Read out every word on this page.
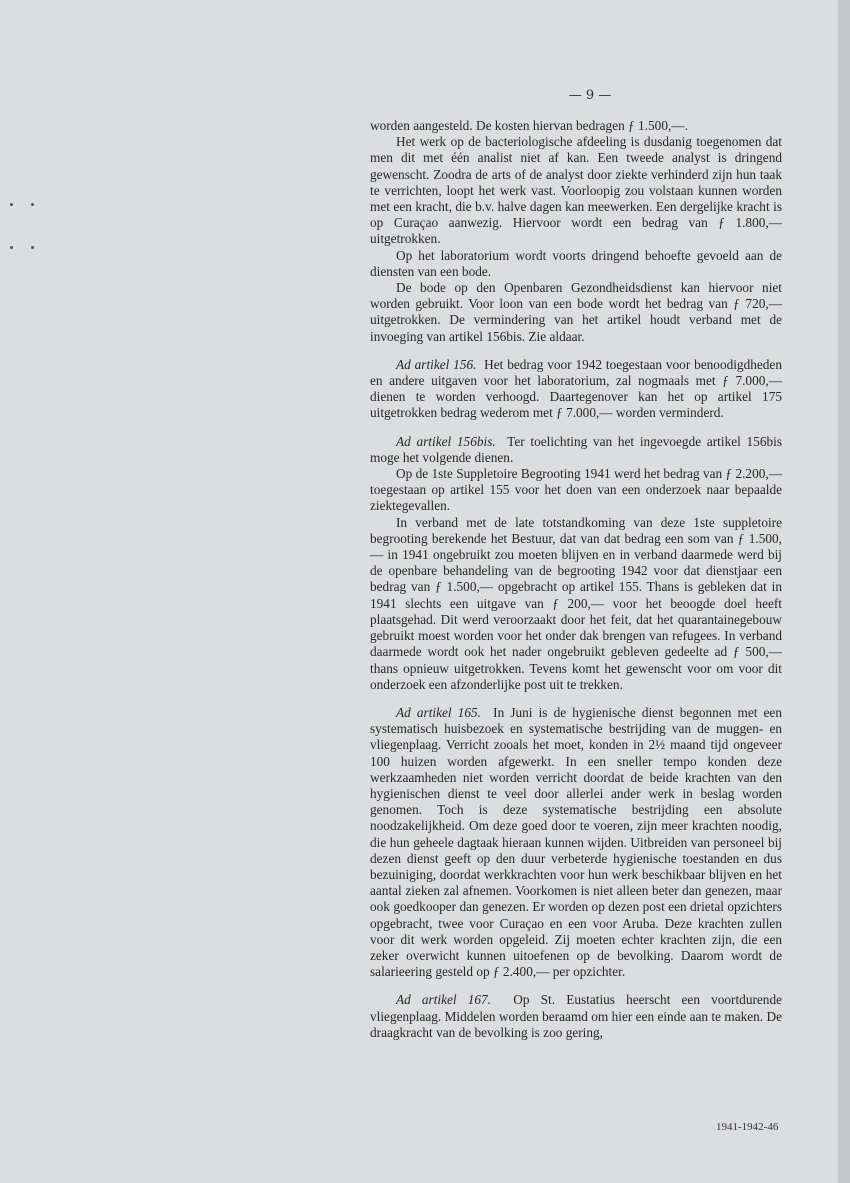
— 9 —

worden aangesteld. De kosten hiervan bedragen ƒ 1.500,—.

Het werk op de bacteriologische afdeeling is dusdanig toegenomen dat men dit met één analist niet af kan. Een tweede analyst is dringend gewenscht. Zoodra de arts of de analyst door ziekte verhinderd zijn hun taak te verrichten, loopt het werk vast. Voorloopig zou volstaan kunnen worden met een kracht, die b.v. halve dagen kan meewerken. Een dergelijke kracht is op Curaçao aanwezig. Hiervoor wordt een bedrag van ƒ 1.800,— uitgetrokken.

Op het laboratorium wordt voorts dringend behoefte gevoeld aan de diensten van een bode.

De bode op den Openbaren Gezondheidsdienst kan hiervoor niet worden gebruikt. Voor loon van een bode wordt het bedrag van ƒ 720,— uitgetrokken. De vermindering van het artikel houdt verband met de invoeging van artikel 156bis. Zie aldaar.

Ad artikel 156. Het bedrag voor 1942 toegestaan voor benoodigdheden en andere uitgaven voor het laboratorium, zal nogmaals met ƒ 7.000,— dienen te worden verhoogd. Daartegenover kan het op artikel 175 uitgetrokken bedrag wederom met ƒ 7.000,— worden verminderd.

Ad artikel 156bis. Ter toelichting van het ingevoegde artikel 156bis moge het volgende dienen.

Op de 1ste Suppletoire Begrooting 1941 werd het bedrag van ƒ 2.200,— toegestaan op artikel 155 voor het doen van een onderzoek naar bepaalde ziektegevallen.

In verband met de late totstandkoming van deze 1ste suppletoire begrooting berekende het Bestuur, dat van dat bedrag een som van ƒ 1.500,— in 1941 ongebruikt zou moeten blijven en in verband daarmede werd bij de openbare behandeling van de begrooting 1942 voor dat dienstjaar een bedrag van ƒ 1.500,— opgebracht op artikel 155. Thans is gebleken dat in 1941 slechts een uitgave van ƒ 200,— voor het beoogde doel heeft plaatsgehad. Dit werd veroorzaakt door het feit, dat het quarantainegebouw gebruikt moest worden voor het onder dak brengen van refugees. In verband daarmede wordt ook het nader ongebruikt gebleven gedeelte ad ƒ 500,— thans opnieuw uitgetrokken. Tevens komt het gewenscht voor om voor dit onderzoek een afzonderlijke post uit te trekken.

Ad artikel 165. In Juni is de hygienische dienst begonnen met een systematisch huisbezoek en systematische bestrijding van de muggen- en vliegenplaag. Verricht zooals het moet, konden in 2½ maand tijd ongeveer 100 huizen worden afgewerkt. In een sneller tempo konden deze werkzaamheden niet worden verricht doordat de beide krachten van den hygienischen dienst te veel door allerlei ander werk in beslag worden genomen. Toch is deze systematische bestrijding een absolute noodzakelijkheid. Om deze goed door te voeren, zijn meer krachten noodig, die hun geheele dagtaak hieraan kunnen wijden. Uitbreiden van personeel bij dezen dienst geeft op den duur verbeterde hygienische toestanden en dus bezuiniging, doordat werkkrachten voor hun werk beschikbaar blijven en het aantal zieken zal afnemen. Voorkomen is niet alleen beter dan genezen, maar ook goedkooper dan genezen. Er worden op dezen post een drietal opzichters opgebracht, twee voor Curaçao en een voor Aruba. Deze krachten zullen voor dit werk worden opgeleid. Zij moeten echter krachten zijn, die een zeker overwicht kunnen uitoefenen op de bevolking. Daarom wordt de salarieering gesteld op ƒ 2.400,— per opzichter.

Ad artikel 167. Op St. Eustatius heerscht een voortdurende vliegenplaag. Middelen worden beraamd om hier een einde aan te maken. De draagkracht van de bevolking is zoo gering,

1941-1942-46
